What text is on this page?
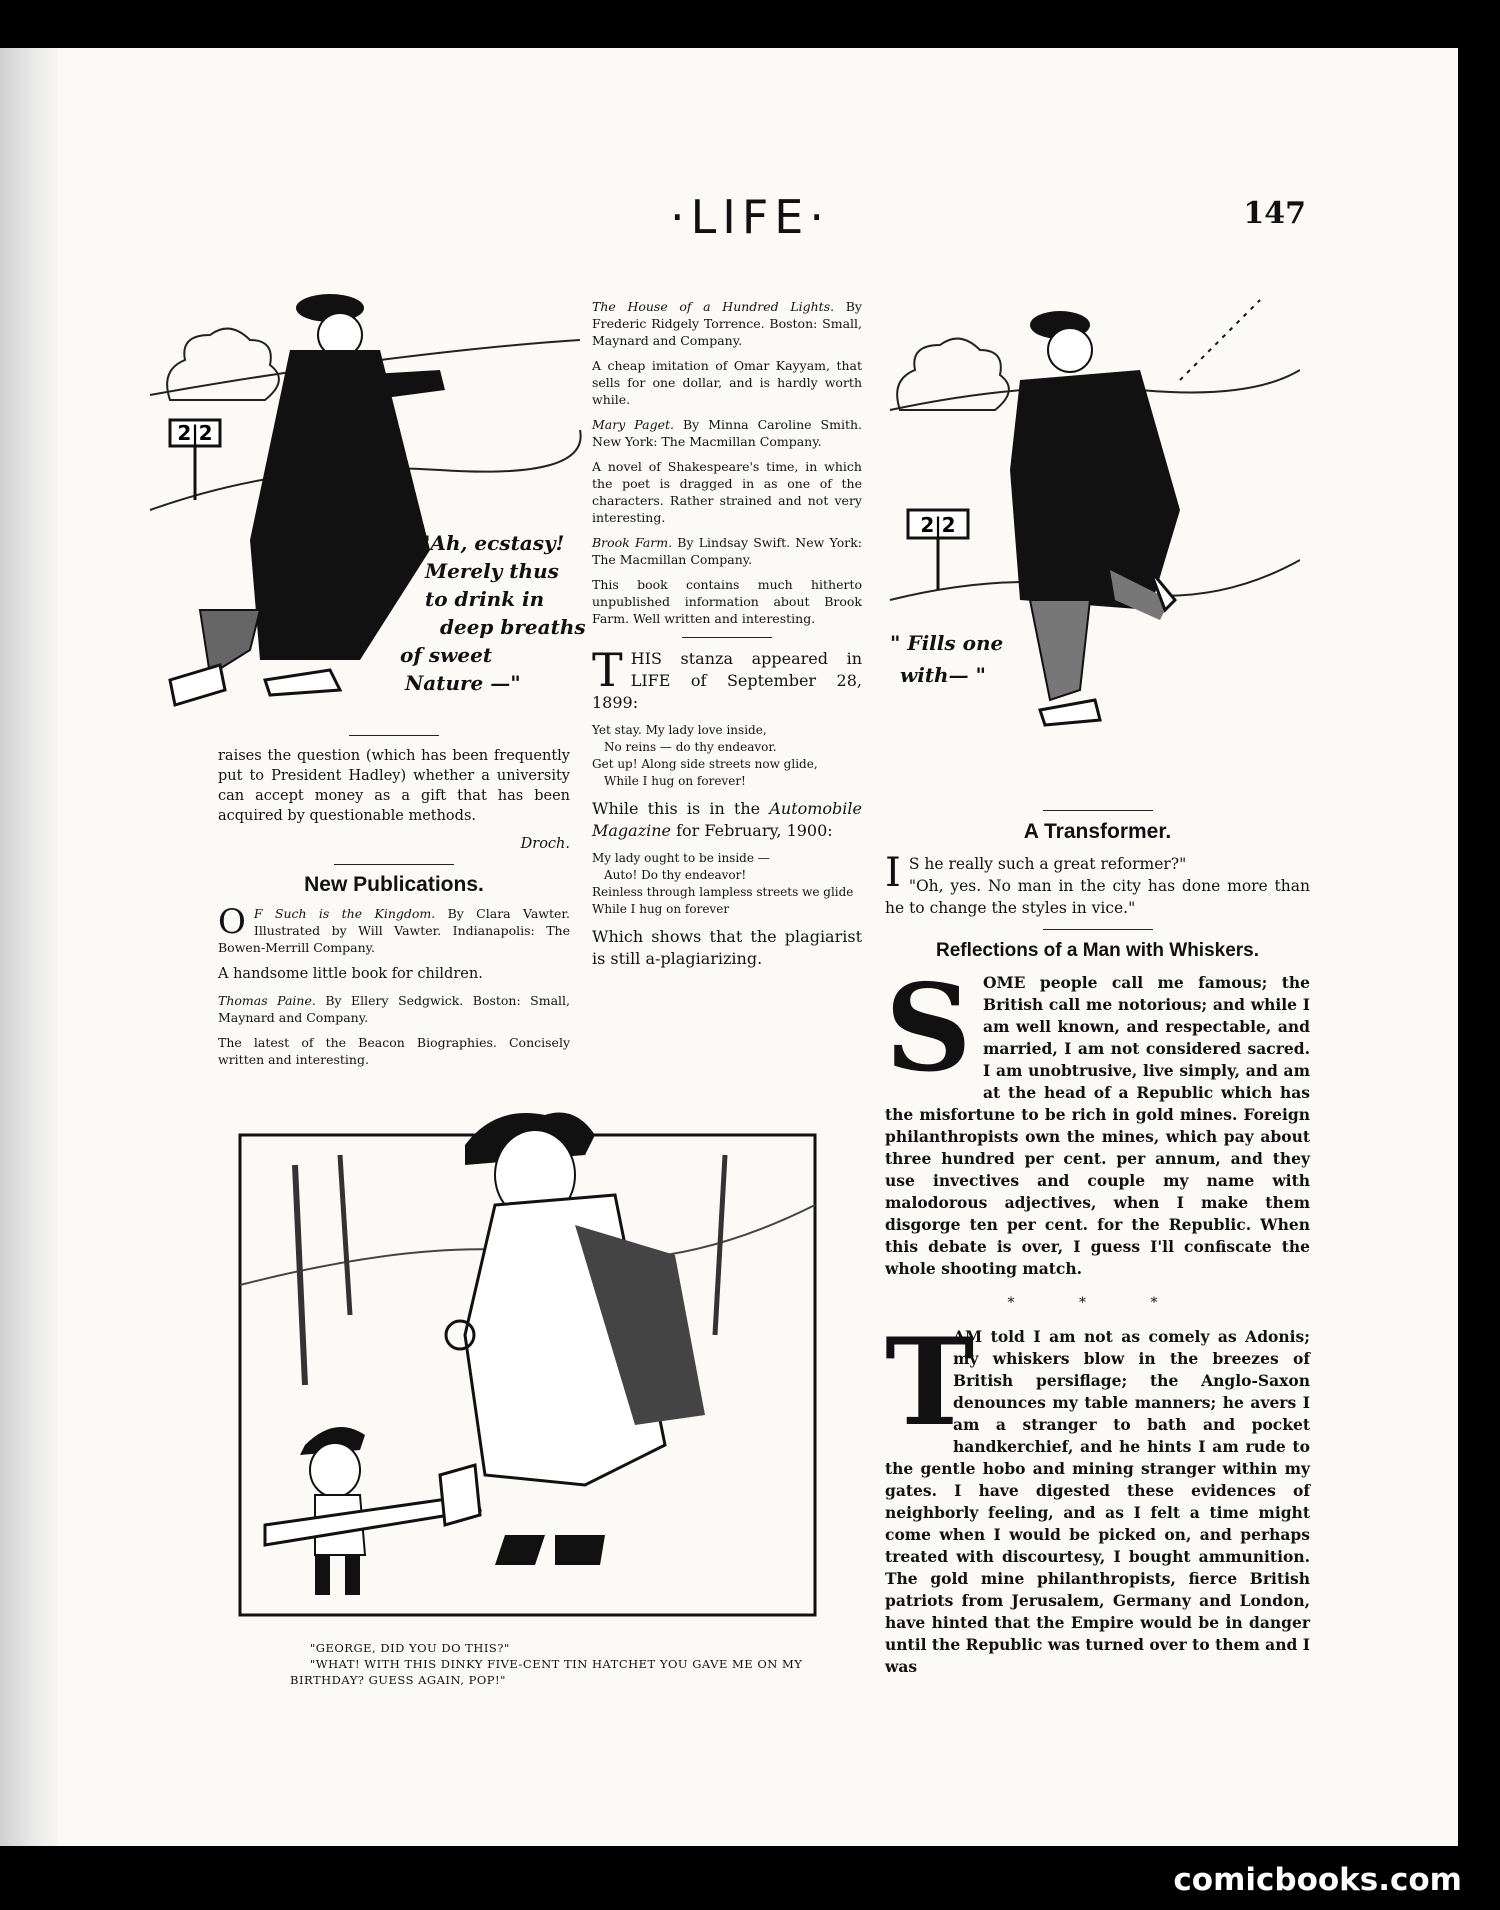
·LIFE·	147
2|2
"Ah, ecstasy!
Merely thus
to drink in
deep breaths
of sweet
Nature —"
2|2
" Fills one
with— "

raises the question (which has been frequently put to President Hadley) whether a university can accept money as a gift that has been acquired by questionable methods.

Droch.

New Publications.

O F Such is the Kingdom. By Clara Vawter. Illustrated by Will Vawter. Indianapolis: The Bowen-Merrill Company.

A handsome little book for children.

Thomas Paine. By Ellery Sedgwick. Boston: Small, Maynard and Company.

The latest of the Beacon Biographies. Concisely written and interesting.

The House of a Hundred Lights. By Frederic Ridgely Torrence. Boston: Small, Maynard and Company.

A cheap imitation of Omar Kayyam, that sells for one dollar, and is hardly worth while.

Mary Paget. By Minna Caroline Smith. New York: The Macmillan Company.

A novel of Shakespeare's time, in which the poet is dragged in as one of the characters. Rather strained and not very interesting.

Brook Farm. By Lindsay Swift. New York: The Macmillan Company.

This book contains much hitherto unpublished information about Brook Farm. Well written and interesting.

THIS stanza appeared in LIFE of September 28, 1899:

Yet stay. My lady love inside,
No reins — do thy endeavor.
Get up! Along side streets now glide,
While I hug on forever!

While this is in the Automobile Magazine for February, 1900:

My lady ought to be inside —
Auto! Do thy endeavor!
Reinless through lampless streets we glide
While I hug on forever

Which shows that the plagiarist is still a-plagiarizing.

A Transformer.

I S he really such a great reformer?"
"Oh, yes. No man in the city has done more than he to change the styles in vice."

Reflections of a Man with Whiskers.

SOME people call me famous; the British call me notorious; and while I am well known, and respectable, and married, I am not considered sacred. I am unobtrusive, live simply, and am at the head of a Republic which has the misfortune to be rich in gold mines. Foreign philanthropists own the mines, which pay about three hundred per cent. per annum, and they use invectives and couple my name with malodorous adjectives, when I make them disgorge ten per cent. for the Republic. When this debate is over, I guess I'll confiscate the whole shooting match.

* * *

T
AM told I am not as comely as Adonis; my whiskers blow in the breezes of British persiflage; the Anglo-Saxon denounces my table manners; he avers I am a stranger to bath and pocket handkerchief, and he hints I am rude to the gentle hobo and mining stranger within my gates. I have digested these evidences of neighborly feeling, and as I felt a time might come when I would be picked on, and perhaps treated with discourtesy, I bought ammunition. The gold mine philanthropists, fierce British patriots from Jerusalem, Germany and London, have hinted that the Empire would be in danger until the Republic was turned over to them and I was

"GEORGE, DID YOU DO THIS?"
"WHAT! WITH THIS DINKY FIVE-CENT TIN HATCHET YOU GAVE ME ON MY BIRTHDAY? GUESS AGAIN, POP!"
comicbooks.com
